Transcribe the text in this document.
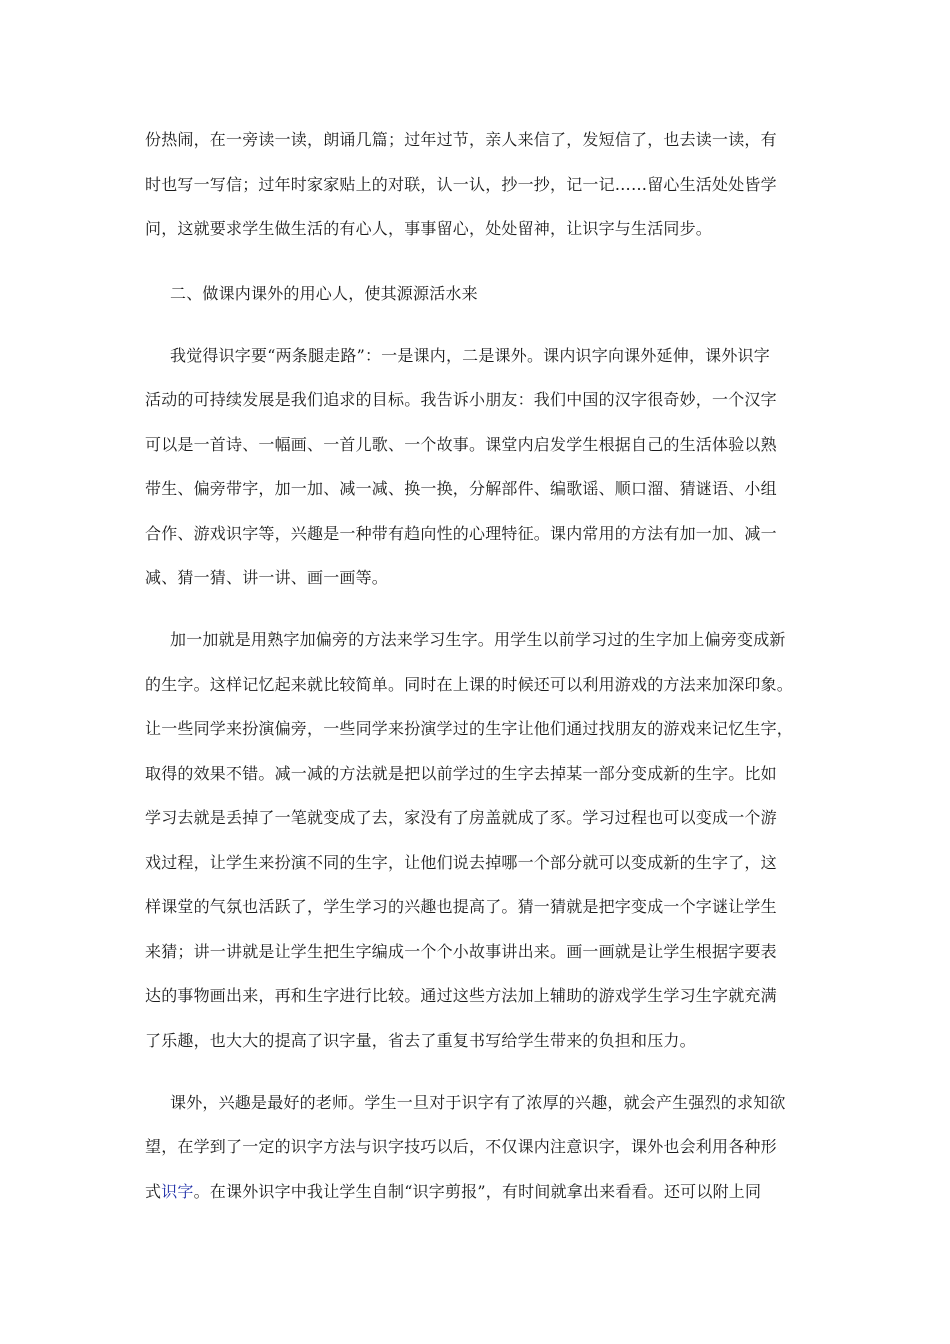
份热闹，在一旁读一读，朗诵几篇；过年过节，亲人来信了，发短信了，也去读一读，有
时也写一写信；过年时家家贴上的对联，认一认，抄一抄，记一记……留心生活处处皆学
问，这就要求学生做生活的有心人，事事留心，处处留神，让识字与生活同步。
二、做课内课外的用心人，使其源源活水来
我觉得识字要“两条腿走路”：一是课内，二是课外。课内识字向课外延伸，课外识字
活动的可持续发展是我们追求的目标。我告诉小朋友：我们中国的汉字很奇妙，一个汉字
可以是一首诗、一幅画、一首儿歌、一个故事。课堂内启发学生根据自己的生活体验以熟
带生、偏旁带字，加一加、减一减、换一换，分解部件、编歌谣、顺口溜、猜谜语、小组
合作、游戏识字等，兴趣是一种带有趋向性的心理特征。课内常用的方法有加一加、减一
减、猜一猜、讲一讲、画一画等。
加一加就是用熟字加偏旁的方法来学习生字。用学生以前学习过的生字加上偏旁变成新
的生字。这样记忆起来就比较简单。同时在上课的时候还可以利用游戏的方法来加深印象。
让一些同学来扮演偏旁，一些同学来扮演学过的生字让他们通过找朋友的游戏来记忆生字，
取得的效果不错。减一减的方法就是把以前学过的生字去掉某一部分变成新的生字。比如
学习去就是丢掉了一笔就变成了去，家没有了房盖就成了豕。学习过程也可以变成一个游
戏过程，让学生来扮演不同的生字，让他们说去掉哪一个部分就可以变成新的生字了，这
样课堂的气氛也活跃了，学生学习的兴趣也提高了。猜一猜就是把字变成一个字谜让学生
来猜；讲一讲就是让学生把生字编成一个个小故事讲出来。画一画就是让学生根据字要表
达的事物画出来，再和生字进行比较。通过这些方法加上辅助的游戏学生学习生字就充满
了乐趣，也大大的提高了识字量，省去了重复书写给学生带来的负担和压力。
课外，兴趣是最好的老师。学生一旦对于识字有了浓厚的兴趣，就会产生强烈的求知欲
望，在学到了一定的识字方法与识字技巧以后，不仅课内注意识字，课外也会利用各种形
式识字。在课外识字中我让学生自制“识字剪报”，有时间就拿出来看看。还可以附上同
